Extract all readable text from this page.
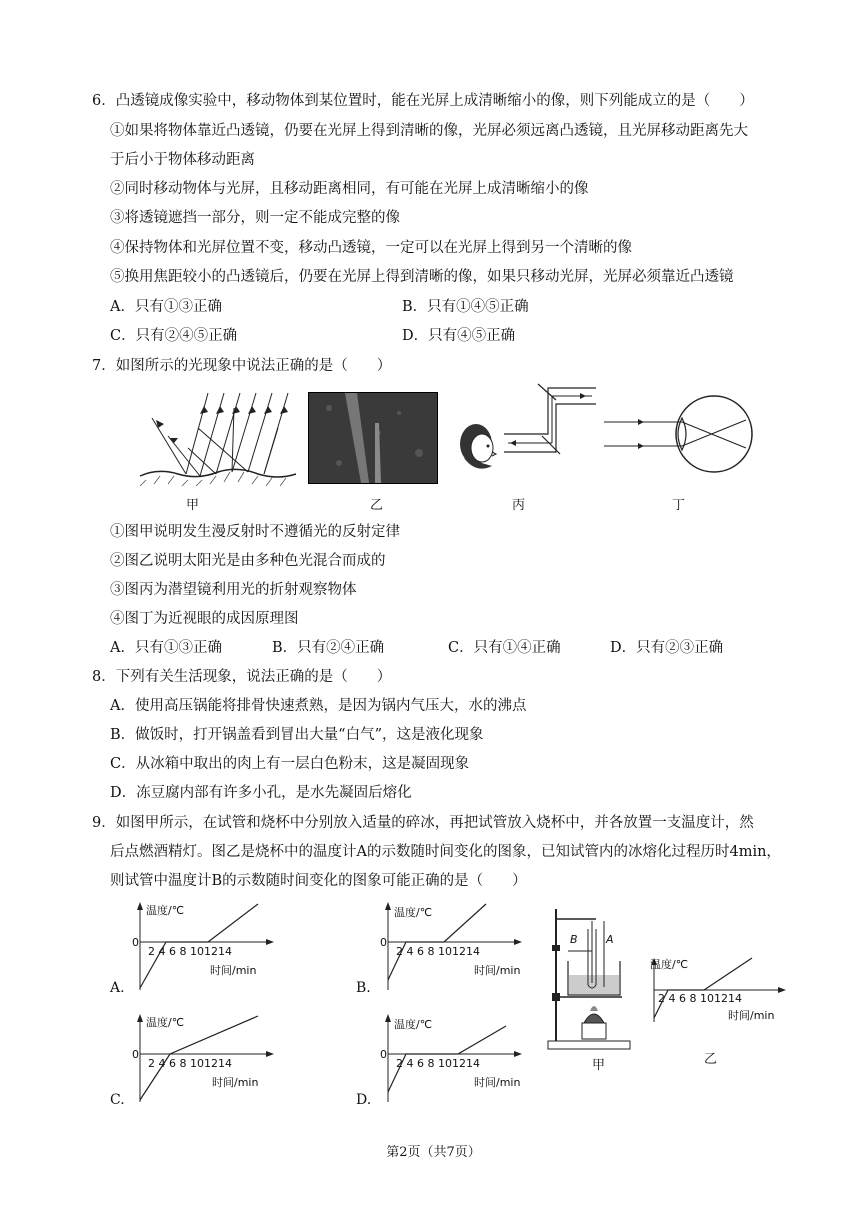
6．凸透镜成像实验中，移动物体到某位置时，能在光屏上成清晰缩小的像，则下列能成立的是（　　）
①如果将物体靠近凸透镜，仍要在光屏上得到清晰的像，光屏必须远离凸透镜，且光屏移动距离先大
于后小于物体移动距离
②同时移动物体与光屏，且移动距离相同，有可能在光屏上成清晰缩小的像
③将透镜遮挡一部分，则一定不能成完整的像
④保持物体和光屏位置不变，移动凸透镜，一定可以在光屏上得到另一个清晰的像
⑤换用焦距较小的凸透镜后，仍要在光屏上得到清晰的像，如果只移动光屏，光屏必须靠近凸透镜
A．只有①③正确	B．只有①④⑤正确
C．只有②④⑤正确	D．只有④⑤正确
7．如图所示的光现象中说法正确的是（　　）
甲	乙	丙	丁
①图甲说明发生漫反射时不遵循光的反射定律
②图乙说明太阳光是由多种色光混合而成的
③图丙为潜望镜利用光的折射观察物体
④图丁为近视眼的成因原理图
A．只有①③正确	B．只有②④正确	C．只有①④正确	D．只有②③正确
8．下列有关生活现象，说法正确的是（　　）
A．使用高压锅能将排骨快速煮熟，是因为锅内气压大，水的沸点
B．做饭时，打开锅盖看到冒出大量“白气”，这是液化现象
C．从冰箱中取出的肉上有一层白色粉末，这是凝固现象
D．冻豆腐内部有许多小孔，是水先凝固后熔化
9．如图甲所示，在试管和烧杯中分别放入适量的碎冰，再把试管放入烧杯中，并各放置一支温度计，然
后点燃酒精灯。图乙是烧杯中的温度计A的示数随时间变化的图象，已知试管内的冰熔化过程历时4min，
则试管中温度计B的示数随时间变化的图象可能正确的是（　　）
温度/℃
0
2 4 6 8 101214
时间/min
A.
温度/℃
0
2 4 6 8 101214
时间/min
B.
温度/℃
0
2 4 6 8 101214
时间/min
C.
温度/℃
0
2 4 6 8 101214
时间/min
D.
B	A
甲
温度/℃
2 4 6 8 101214
时间/min
乙
第2页（共7页）
